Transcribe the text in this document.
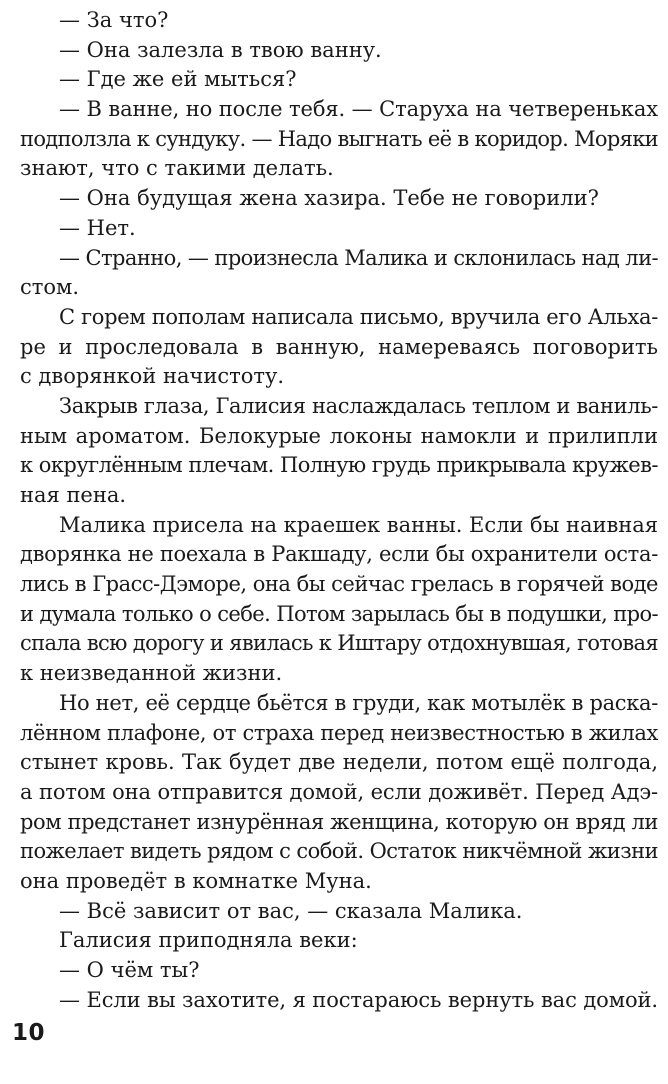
— За что?
— Она залезла в твою ванну.
— Где же ей мыться?
— В ванне, но после тебя. — Старуха на четвереньках
подползла к сундуку. — Надо выгнать её в коридор. Моряки
знают, что с такими делать.
— Она будущая жена хазира. Тебе не говорили?
— Нет.
— Странно, — произнесла Малика и склонилась над ли-
стом.
С горем пополам написала письмо, вручила его Альха-
ре и проследовала в ванную, намереваясь поговорить
с дворянкой начистоту.
Закрыв глаза, Галисия наслаждалась теплом и ваниль-
ным ароматом. Белокурые локоны намокли и прилипли
к округлённым плечам. Полную грудь прикрывала кружев-
ная пена.
Малика присела на краешек ванны. Если бы наивная
дворянка не поехала в Ракшаду, если бы охранители оста-
лись в Грасс-Дэморе, она бы сейчас грелась в горячей воде
и думала только о себе. Потом зарылась бы в подушки, про-
спала всю дорогу и явилась к Иштару отдохнувшая, готовая
к неизведанной жизни.
Но нет, её сердце бьётся в груди, как мотылёк в раска-
лённом плафоне, от страха перед неизвестностью в жилах
стынет кровь. Так будет две недели, потом ещё полгода,
а потом она отправится домой, если доживёт. Перед Адэ-
ром предстанет изнурённая женщина, которую он вряд ли
пожелает видеть рядом с собой. Остаток никчёмной жизни
она проведёт в комнатке Муна.
— Всё зависит от вас, — сказала Малика.
Галисия приподняла веки:
— О чём ты?
— Если вы захотите, я постараюсь вернуть вас домой.
10
